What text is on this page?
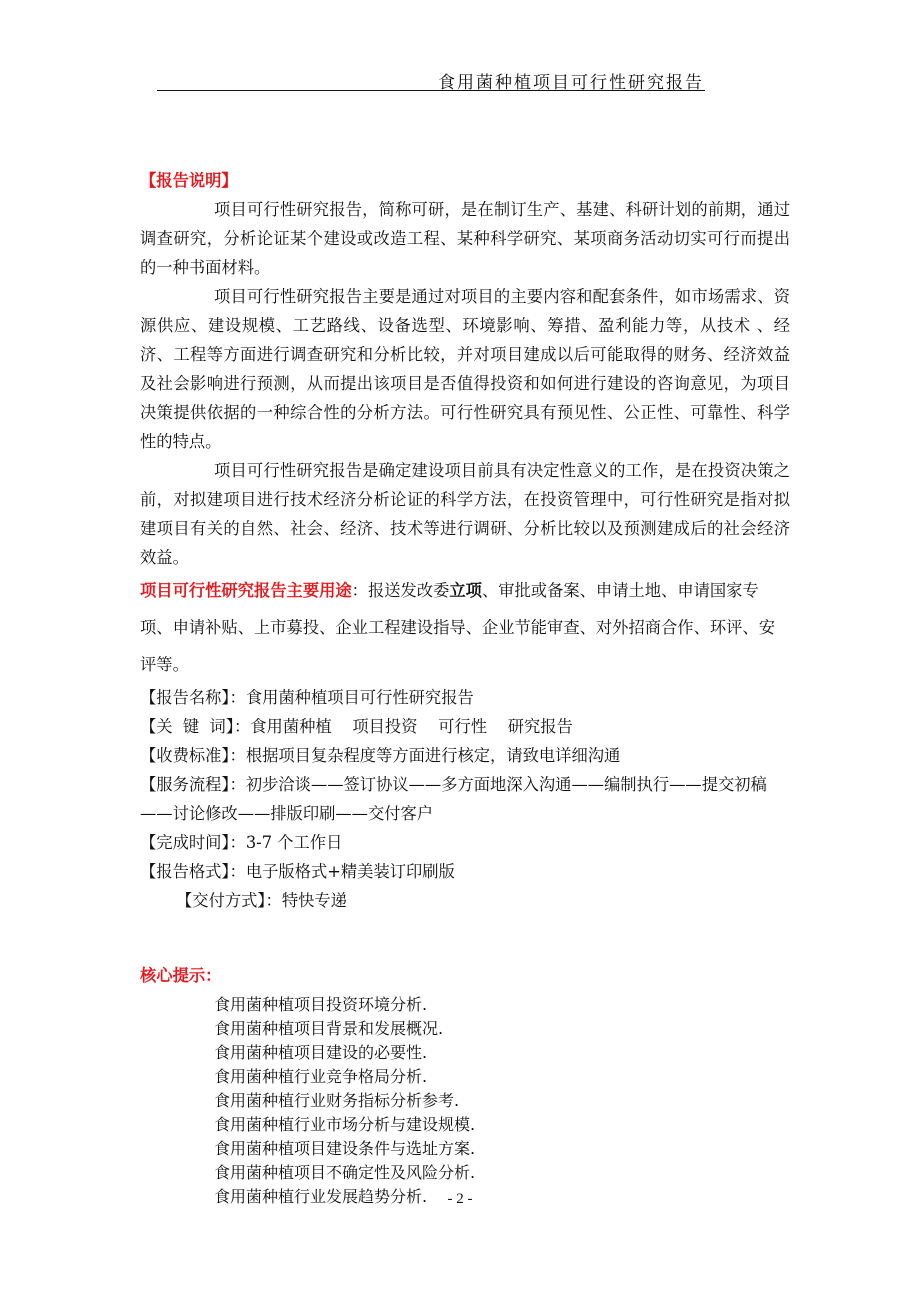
食用菌种植项目可行性研究报告
【报告说明】

项目可行性研究报告，简称可研，是在制订生产、基建、科研计划的前期，通过调查研究，分析论证某个建设或改造工程、某种科学研究、某项商务活动切实可行而提出的一种书面材料。

项目可行性研究报告主要是通过对项目的主要内容和配套条件，如市场需求、资源供应、建设规模、工艺路线、设备选型、环境影响、筹措、盈利能力等，从技术 、经济、工程等方面进行调查研究和分析比较，并对项目建成以后可能取得的财务、经济效益及社会影响进行预测，从而提出该项目是否值得投资和如何进行建设的咨询意见，为项目决策提供依据的一种综合性的分析方法。可行性研究具有预见性、公正性、可靠性、科学性的特点。

项目可行性研究报告是确定建设项目前具有决定性意义的工作，是在投资决策之前，对拟建项目进行技术经济分析论证的科学方法，在投资管理中，可行性研究是指对拟建项目有关的自然、社会、经济、技术等进行调研、分析比较以及预测建成后的社会经济效益。

项目可行性研究报告主要用途：报送发改委立项、审批或备案、申请土地、申请国家专项、申请补贴、上市募投、企业工程建设指导、企业节能审查、对外招商合作、环评、安评等。

【报告名称】：食用菌种植项目可行性研究报告

【关  键  词】：食用菌种植    项目投资    可行性    研究报告

【收费标准】：根据项目复杂程度等方面进行核定，请致电详细沟通

【服务流程】：初步洽谈——签订协议——多方面地深入沟通——编制执行——提交初稿——讨论修改——排版印刷——交付客户

【完成时间】：3-7 个工作日

【报告格式】：电子版格式+精美装订印刷版

【交付方式】：特快专递

核心提示：
食用菌种植项目投资环境分析.
食用菌种植项目背景和发展概况.
食用菌种植项目建设的必要性.
食用菌种植行业竞争格局分析.
食用菌种植行业财务指标分析参考.
食用菌种植行业市场分析与建设规模.
食用菌种植项目建设条件与选址方案.
食用菌种植项目不确定性及风险分析.
食用菌种植行业发展趋势分析.	- 2 -
